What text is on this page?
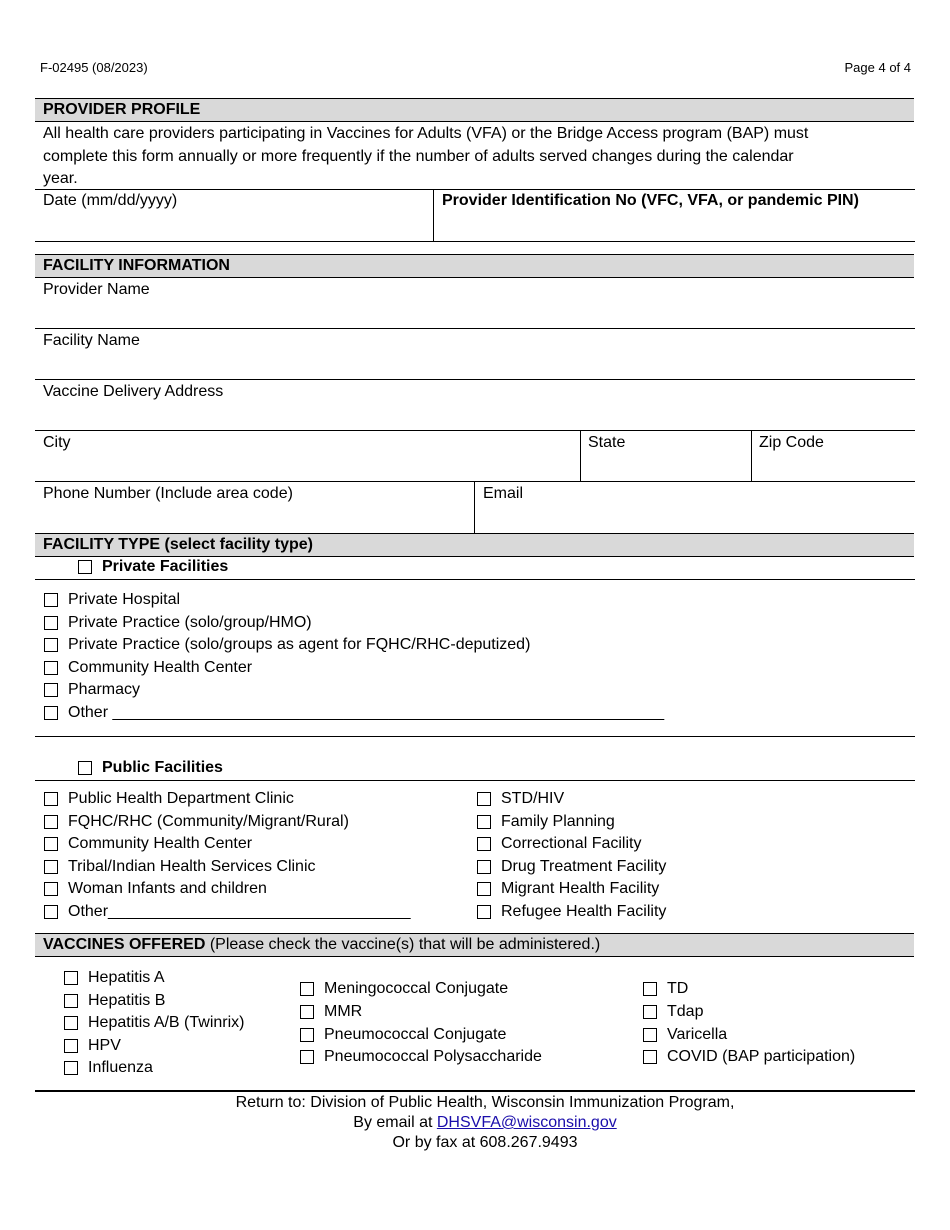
F-02495 (08/2023)	Page 4 of 4
PROVIDER PROFILE
All health care providers participating in Vaccines for Adults (VFA) or the Bridge Access program (BAP) must
complete this form annually or more frequently if the number of adults served changes during the calendar
year.
Date (mm/dd/yyyy)	Provider Identification No (VFC, VFA, or pandemic PIN)
FACILITY INFORMATION
Provider Name
Facility Name
Vaccine Delivery Address
City	State	Zip Code
Phone Number (Include area code)	Email
FACILITY TYPE (select facility type)
Private Facilities
Private Hospital
Private Practice (solo/group/HMO)
Private Practice (solo/groups as agent for FQHC/RHC-deputized)
Community Health Center
Pharmacy
Other ______________________________________________________________
Public Facilities
Public Health Department Clinic
FQHC/RHC (Community/Migrant/Rural)
Community Health Center
Tribal/Indian Health Services Clinic
Woman Infants and children
Other__________________________________
STD/HIV
Family Planning
Correctional Facility
Drug Treatment Facility
Migrant Health Facility
Refugee Health Facility
VACCINES OFFERED (Please check the vaccine(s) that will be administered.)
Hepatitis A
Hepatitis B
Hepatitis A/B (Twinrix)
HPV
Influenza
Meningococcal Conjugate
MMR
Pneumococcal Conjugate
Pneumococcal Polysaccharide
TD
Tdap
Varicella
COVID (BAP participation)
Return to: Division of Public Health, Wisconsin Immunization Program,
By email at DHSVFA@wisconsin.gov
Or by fax at 608.267.9493
